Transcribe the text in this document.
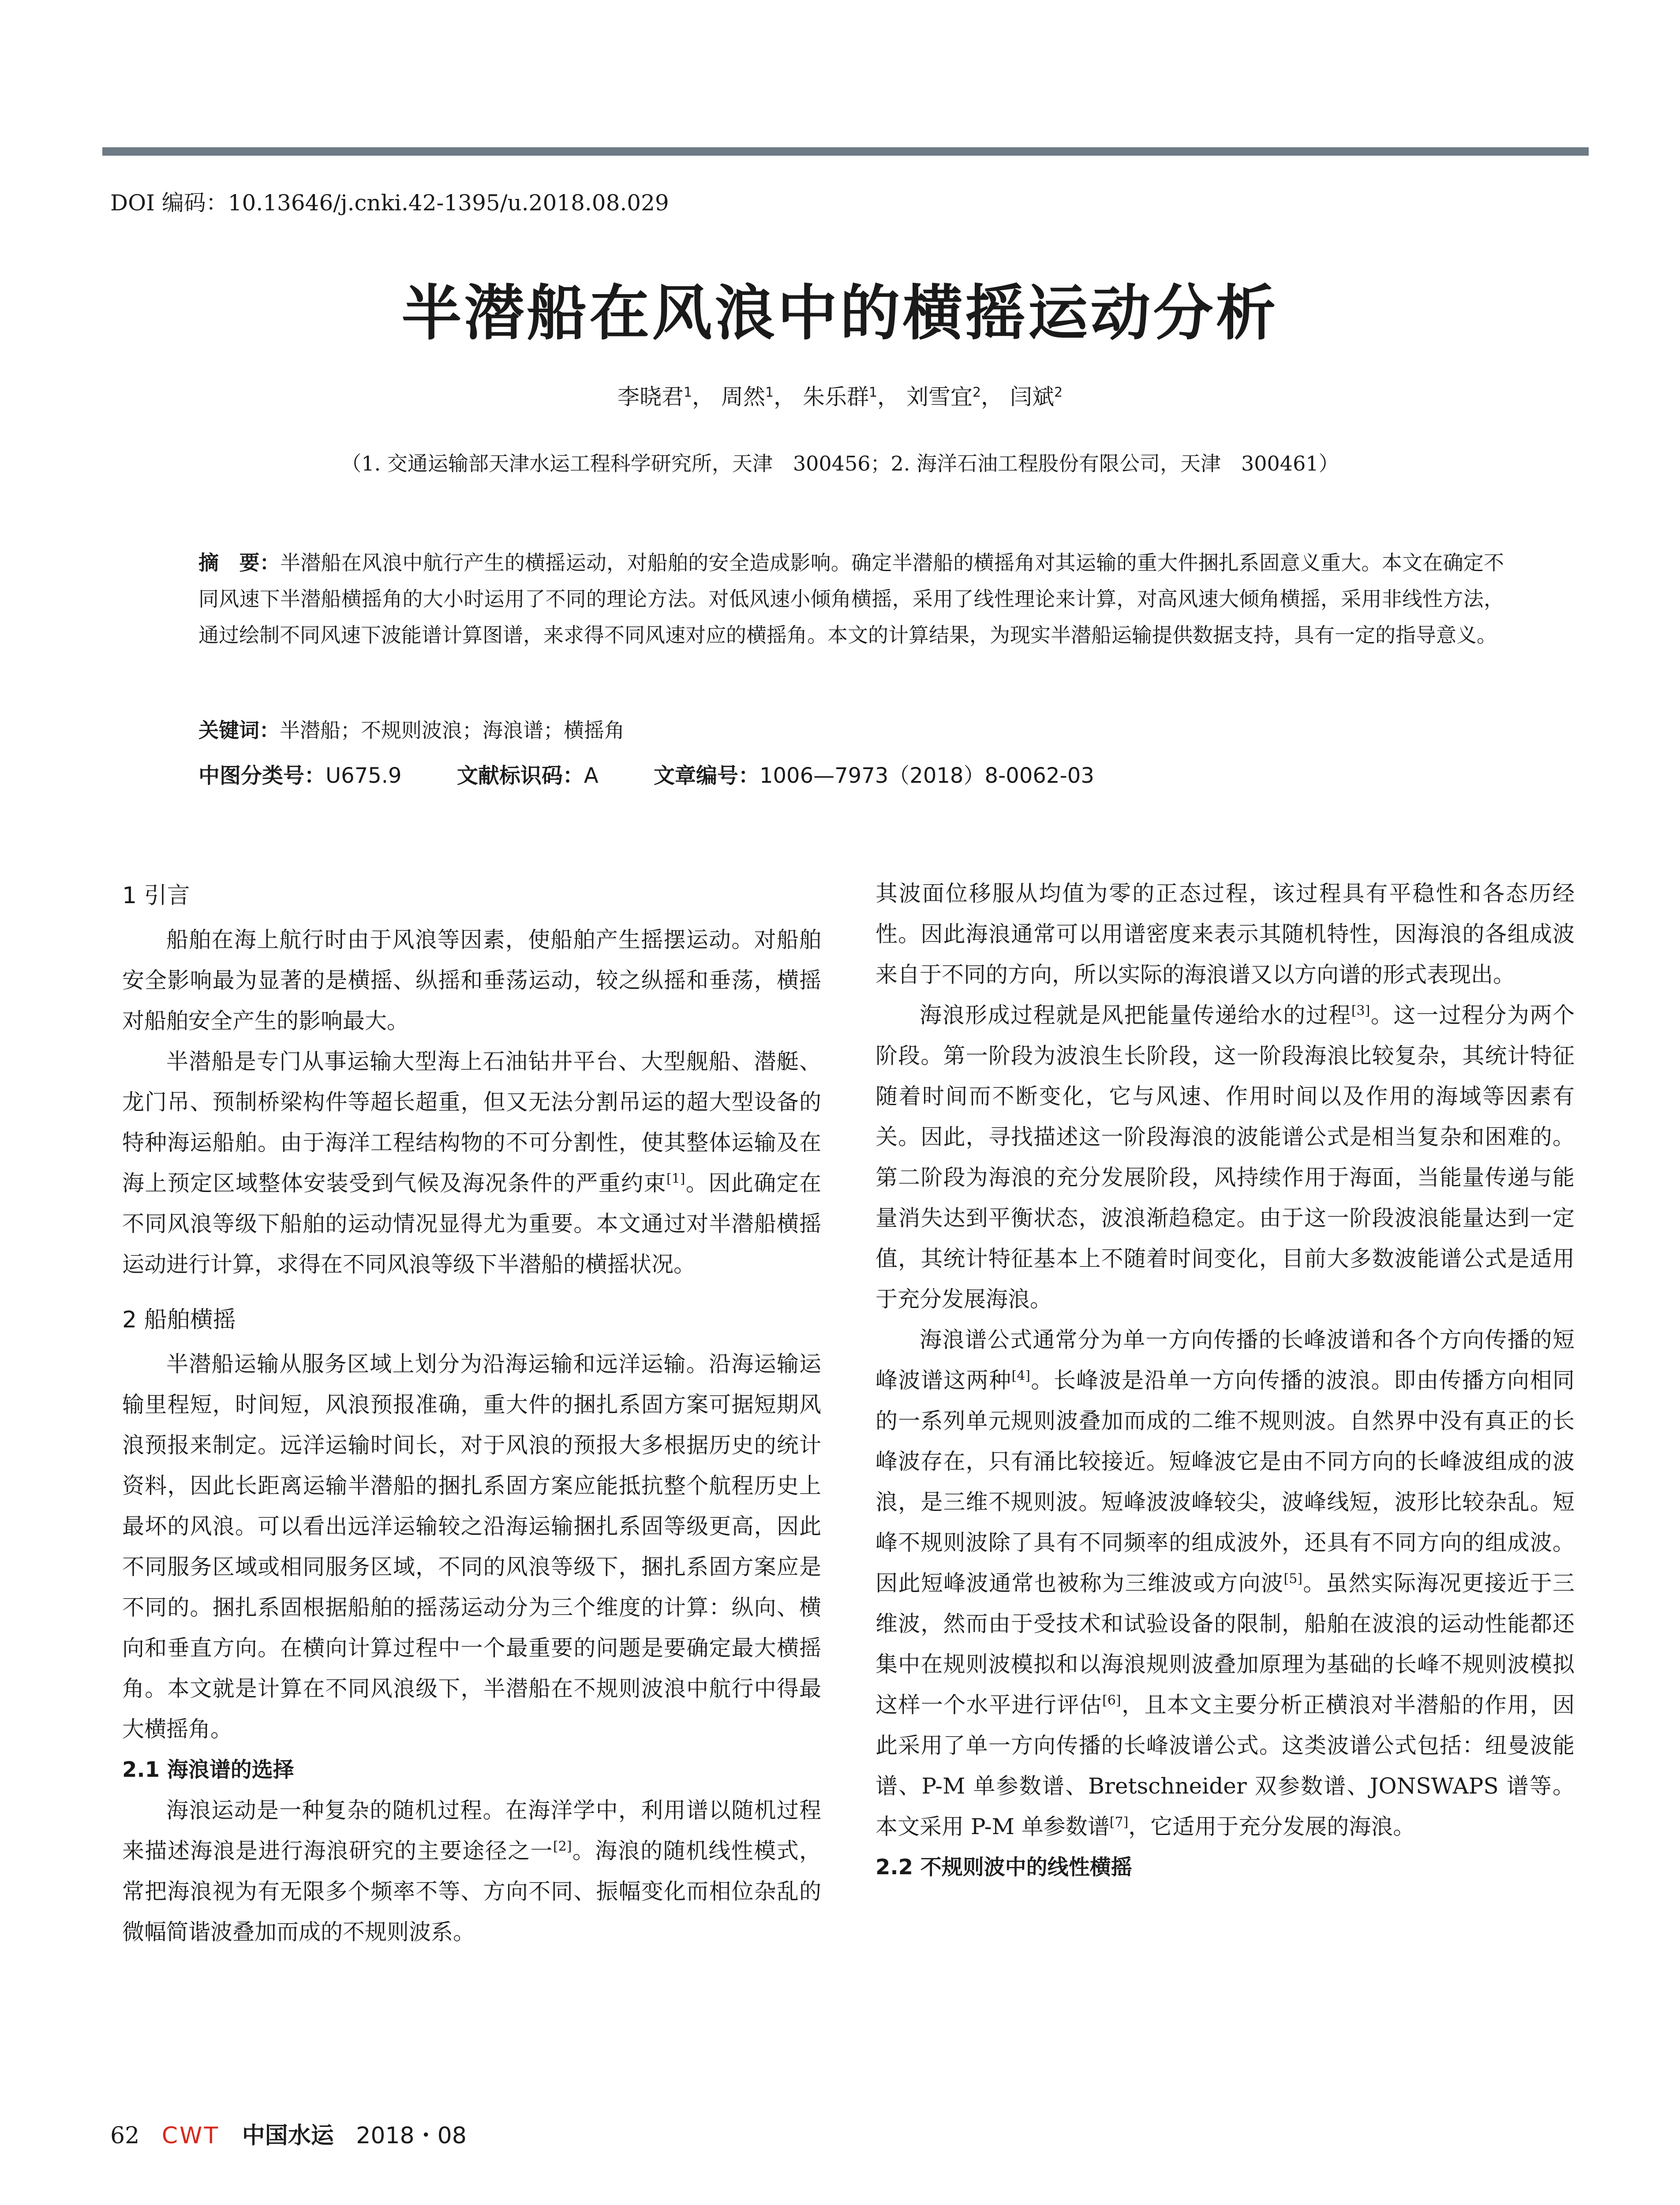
DOI 编码：10.13646/j.cnki.42-1395/u.2018.08.029
半潜船在风浪中的横摇运动分析
李晓君$^1$， 周然$^1$， 朱乐群$^1$， 刘雪宜$^2$， 闫斌$^2$
（1. 交通运输部天津水运工程科学研究所，天津　300456；2. 海洋石油工程股份有限公司，天津　300461）
摘　要：半潜船在风浪中航行产生的横摇运动，对船舶的安全造成影响。确定半潜船的横摇角对其运输的重大件捆扎系固意义重大。本文在确定不同风速下半潜船横摇角的大小时运用了不同的理论方法。对低风速小倾角横摇，采用了线性理论来计算，对高风速大倾角横摇，采用非线性方法，通过绘制不同风速下波能谱计算图谱，来求得不同风速对应的横摇角。本文的计算结果，为现实半潜船运输提供数据支持，具有一定的指导意义。
关键词：半潜船；不规则波浪；海浪谱；横摇角
中图分类号：U675.9	文献标识码：A	文章编号：1006—7973（2018）8-0062-03
1 引言

船舶在海上航行时由于风浪等因素，使船舶产生摇摆运动。对船舶安全影响最为显著的是横摇、纵摇和垂荡运动，较之纵摇和垂荡，横摇对船舶安全产生的影响最大。

半潜船是专门从事运输大型海上石油钻井平台、大型舰船、潜艇、龙门吊、预制桥梁构件等超长超重，但又无法分割吊运的超大型设备的特种海运船舶。由于海洋工程结构物的不可分割性，使其整体运输及在海上预定区域整体安装受到气候及海况条件的严重约束[1]。因此确定在不同风浪等级下船舶的运动情况显得尤为重要。本文通过对半潜船横摇运动进行计算，求得在不同风浪等级下半潜船的横摇状况。

2 船舶横摇

半潜船运输从服务区域上划分为沿海运输和远洋运输。沿海运输运输里程短，时间短，风浪预报准确，重大件的捆扎系固方案可据短期风浪预报来制定。远洋运输时间长，对于风浪的预报大多根据历史的统计资料，因此长距离运输半潜船的捆扎系固方案应能抵抗整个航程历史上最坏的风浪。可以看出远洋运输较之沿海运输捆扎系固等级更高，因此不同服务区域或相同服务区域，不同的风浪等级下，捆扎系固方案应是不同的。捆扎系固根据船舶的摇荡运动分为三个维度的计算：纵向、横向和垂直方向。在横向计算过程中一个最重要的问题是要确定最大横摇角。本文就是计算在不同风浪级下，半潜船在不规则波浪中航行中得最大横摇角。

2.1 海浪谱的选择

海浪运动是一种复杂的随机过程。在海洋学中，利用谱以随机过程来描述海浪是进行海浪研究的主要途径之一[2]。海浪的随机线性模式，常把海浪视为有无限多个频率不等、方向不同、振幅变化而相位杂乱的微幅简谐波叠加而成的不规则波系。

其波面位移服从均值为零的正态过程，该过程具有平稳性和各态历经性。因此海浪通常可以用谱密度来表示其随机特性，因海浪的各组成波来自于不同的方向，所以实际的海浪谱又以方向谱的形式表现出。

海浪形成过程就是风把能量传递给水的过程[3]。这一过程分为两个阶段。第一阶段为波浪生长阶段，这一阶段海浪比较复杂，其统计特征随着时间而不断变化，它与风速、作用时间以及作用的海域等因素有关。因此，寻找描述这一阶段海浪的波能谱公式是相当复杂和困难的。第二阶段为海浪的充分发展阶段，风持续作用于海面，当能量传递与能量消失达到平衡状态，波浪渐趋稳定。由于这一阶段波浪能量达到一定值，其统计特征基本上不随着时间变化，目前大多数波能谱公式是适用于充分发展海浪。

海浪谱公式通常分为单一方向传播的长峰波谱和各个方向传播的短峰波谱这两种[4]。长峰波是沿单一方向传播的波浪。即由传播方向相同的一系列单元规则波叠加而成的二维不规则波。自然界中没有真正的长峰波存在，只有涌比较接近。短峰波它是由不同方向的长峰波组成的波浪，是三维不规则波。短峰波波峰较尖，波峰线短，波形比较杂乱。短峰不规则波除了具有不同频率的组成波外，还具有不同方向的组成波。因此短峰波通常也被称为三维波或方向波[5]。虽然实际海况更接近于三维波，然而由于受技术和试验设备的限制，船舶在波浪的运动性能都还集中在规则波模拟和以海浪规则波叠加原理为基础的长峰不规则波模拟这样一个水平进行评估[6]，且本文主要分析正横浪对半潜船的作用，因此采用了单一方向传播的长峰波谱公式。这类波谱公式包括：纽曼波能谱、P-M 单参数谱、Bretschneider 双参数谱、JONSWAPS 谱等。本文采用 P-M 单参数谱[7]，它适用于充分发展的海浪。

2.2 不规则波中的线性横摇
62 CWT 中国水运 2018・08
